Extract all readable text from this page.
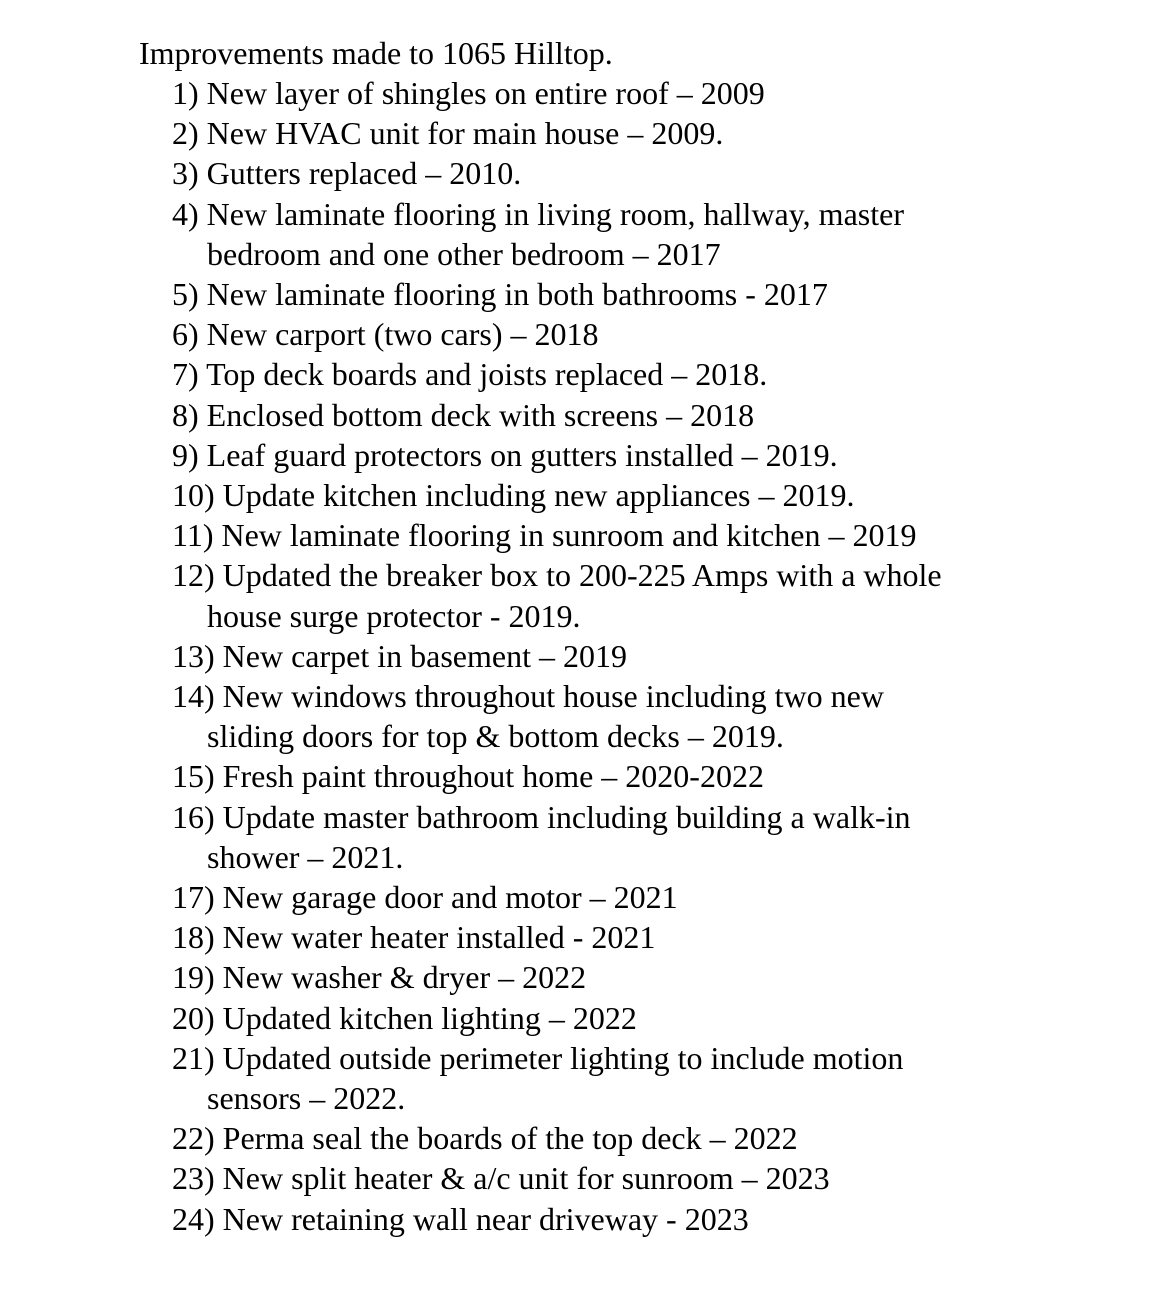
Improvements made to 1065 Hilltop.
1) New layer of shingles on entire roof – 2009
2) New HVAC unit for main house – 2009.
3) Gutters replaced – 2010.
4) New laminate flooring in living room, hallway, master
bedroom and one other bedroom – 2017
5) New laminate flooring in both bathrooms - 2017
6) New carport (two cars) – 2018
7) Top deck boards and joists replaced – 2018.
8) Enclosed bottom deck with screens – 2018
9) Leaf guard protectors on gutters installed – 2019.
10) Update kitchen including new appliances – 2019.
11) New laminate flooring in sunroom and kitchen – 2019
12) Updated the breaker box to 200-225 Amps with a whole
house surge protector - 2019.
13) New carpet in basement – 2019
14) New windows throughout house including two new
sliding doors for top & bottom decks – 2019.
15) Fresh paint throughout home – 2020-2022
16) Update master bathroom including building a walk-in
shower – 2021.
17) New garage door and motor – 2021
18) New water heater installed - 2021
19) New washer & dryer – 2022
20) Updated kitchen lighting – 2022
21) Updated outside perimeter lighting to include motion
sensors – 2022.
22) Perma seal the boards of the top deck – 2022
23) New split heater & a/c unit for sunroom – 2023
24) New retaining wall near driveway - 2023
